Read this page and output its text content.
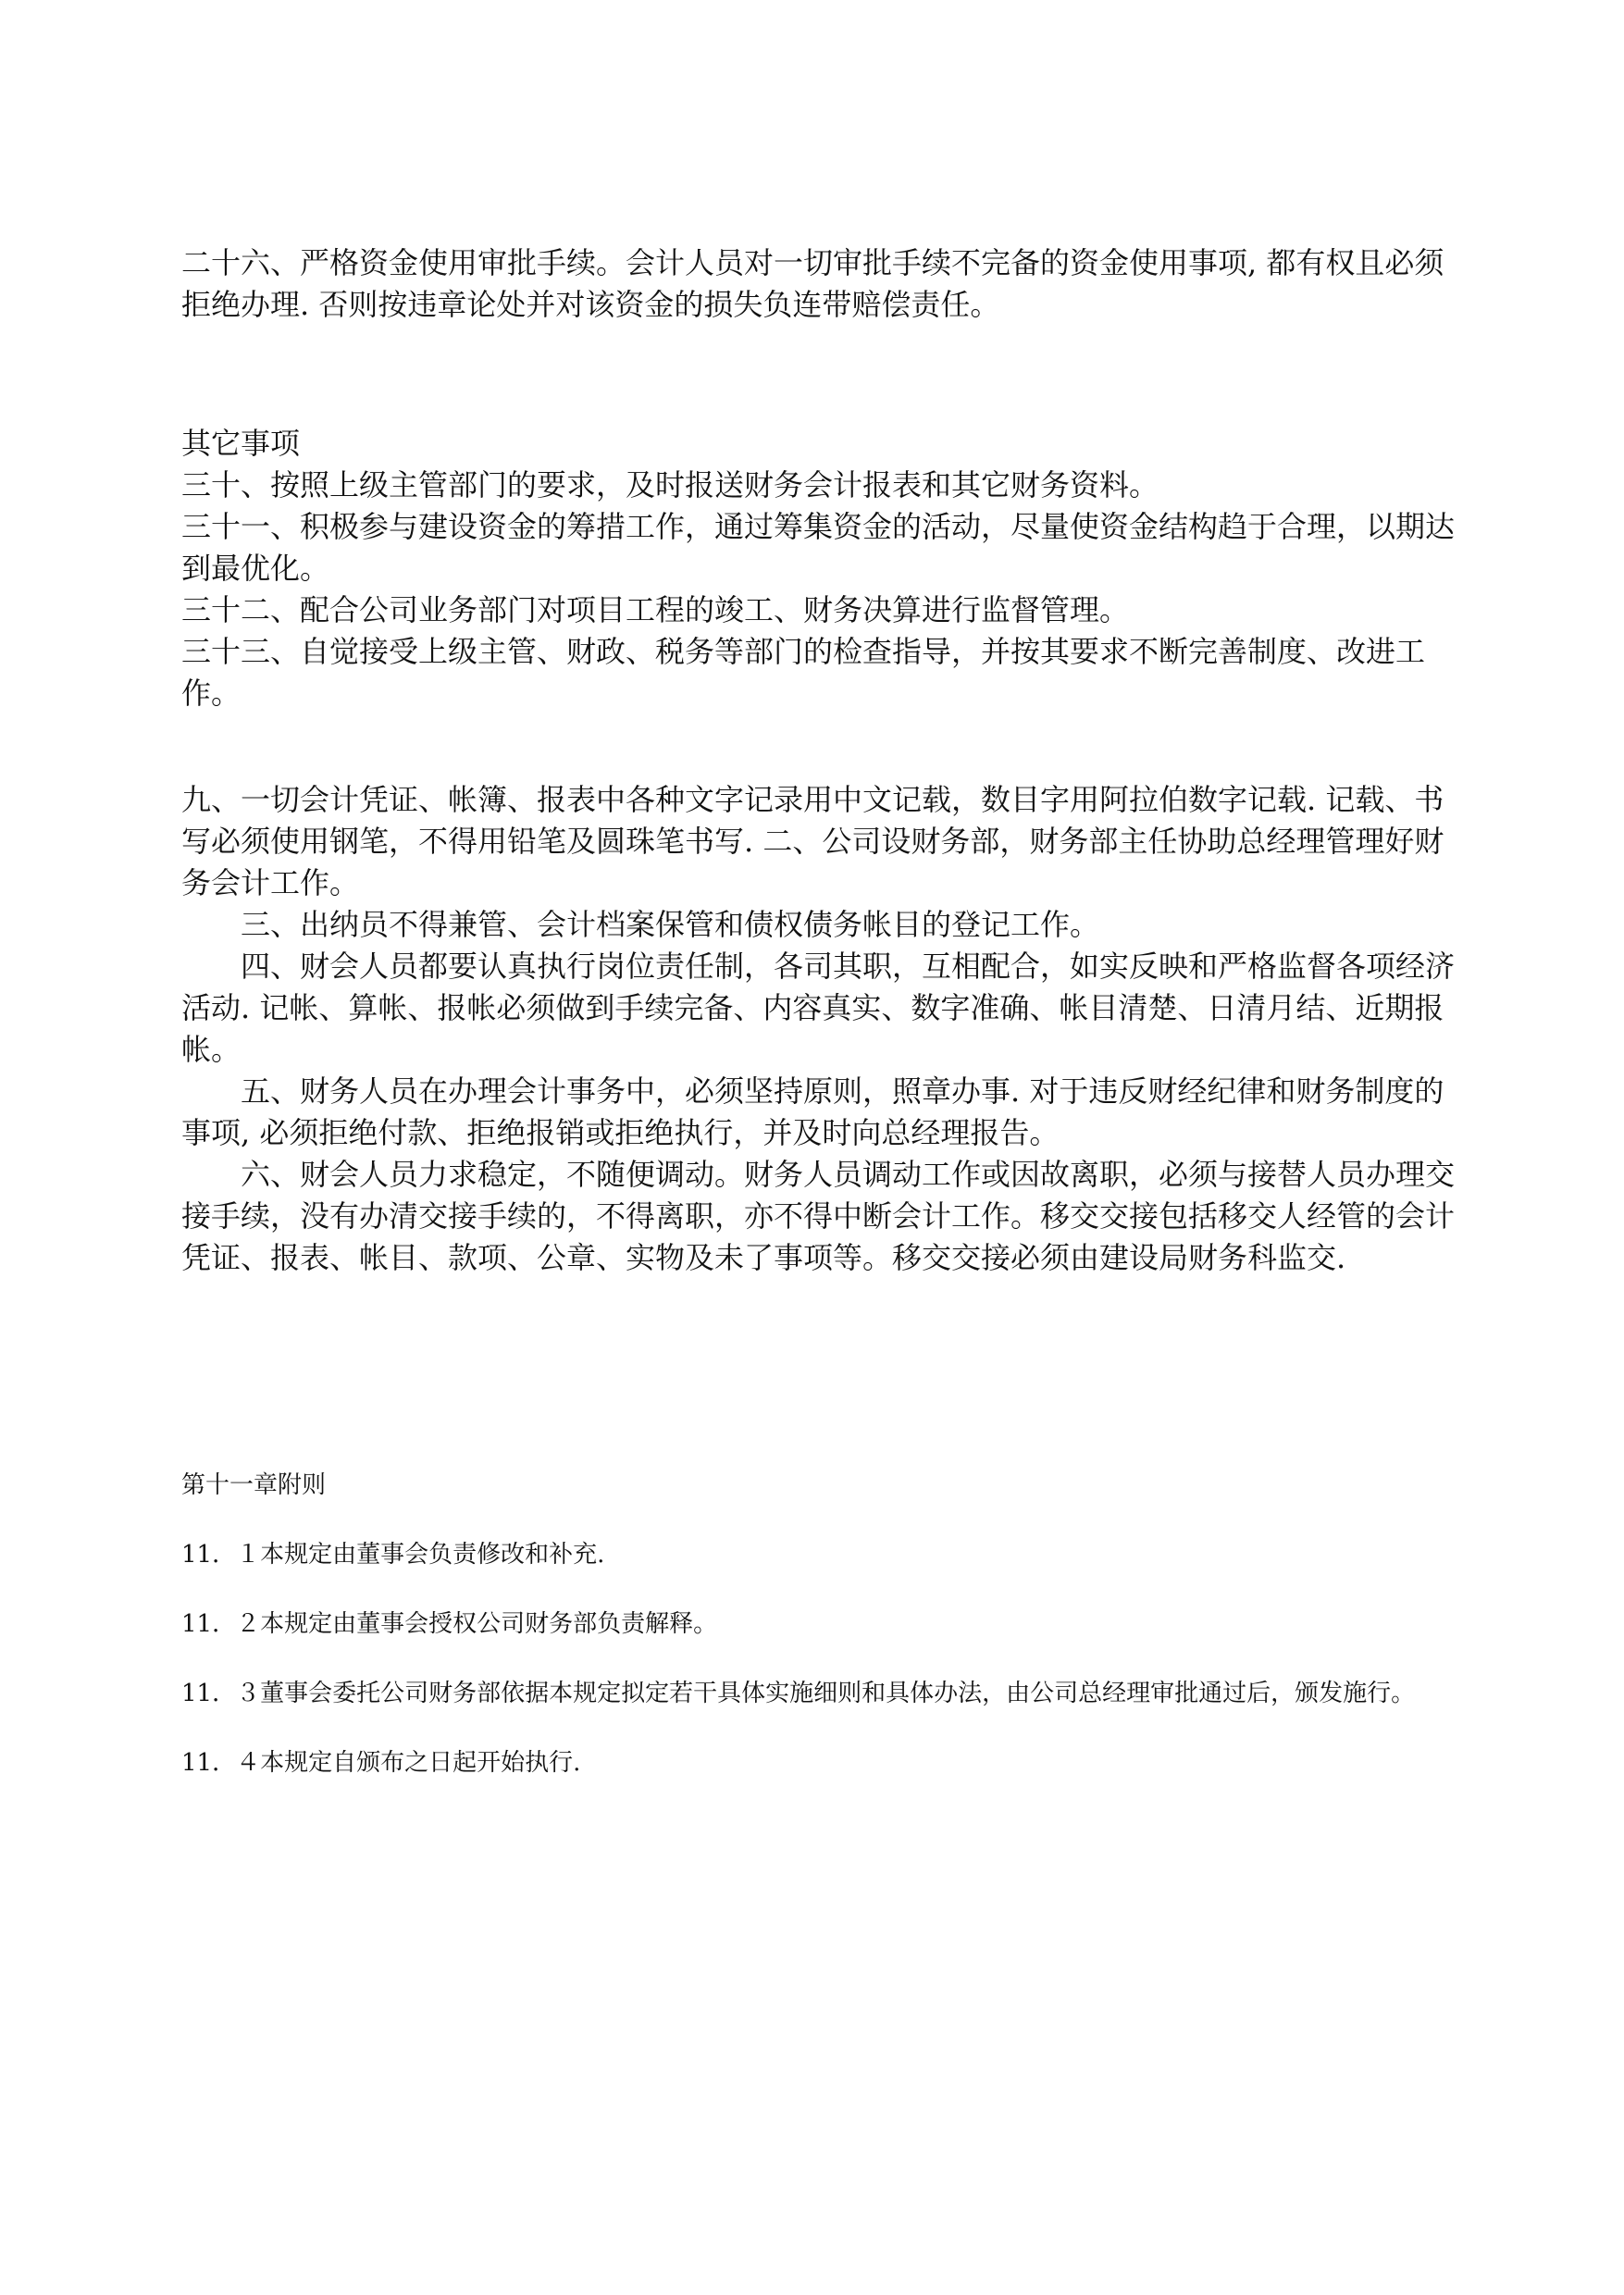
二十六、严格资金使用审批手续。会计人员对一切审批手续不完备的资金使用事项, 都有权且必须拒绝办理. 否则按违章论处并对该资金的损失负连带赔偿责任。

其它事项

三十、按照上级主管部门的要求，及时报送财务会计报表和其它财务资料。

三十一、积极参与建设资金的筹措工作，通过筹集资金的活动，尽量使资金结构趋于合理，以期达到最优化。

三十二、配合公司业务部门对项目工程的竣工、财务决算进行监督管理。

三十三、自觉接受上级主管、财政、税务等部门的检查指导，并按其要求不断完善制度、改进工作。

九、一切会计凭证、帐簿、报表中各种文字记录用中文记载，数目字用阿拉伯数字记载. 记载、书写必须使用钢笔，不得用铅笔及圆珠笔书写. 二、公司设财务部，财务部主任协助总经理管理好财务会计工作。

三、出纳员不得兼管、会计档案保管和债权债务帐目的登记工作。

四、财会人员都要认真执行岗位责任制，各司其职，互相配合，如实反映和严格监督各项经济活动. 记帐、算帐、报帐必须做到手续完备、内容真实、数字准确、帐目清楚、日清月结、近期报帐。

五、财务人员在办理会计事务中，必须坚持原则，照章办事. 对于违反财经纪律和财务制度的事项, 必须拒绝付款、拒绝报销或拒绝执行，并及时向总经理报告。

六、财会人员力求稳定，不随便调动。财务人员调动工作或因故离职，必须与接替人员办理交接手续，没有办清交接手续的，不得离职，亦不得中断会计工作。移交交接包括移交人经管的会计凭证、报表、帐目、款项、公章、实物及未了事项等。移交交接必须由建设局财务科监交.

第十一章附则

11．１本规定由董事会负责修改和补充.

11．２本规定由董事会授权公司财务部负责解释。

11．３董事会委托公司财务部依据本规定拟定若干具体实施细则和具体办法，由公司总经理审批通过后，颁发施行。

11．４本规定自颁布之日起开始执行.
